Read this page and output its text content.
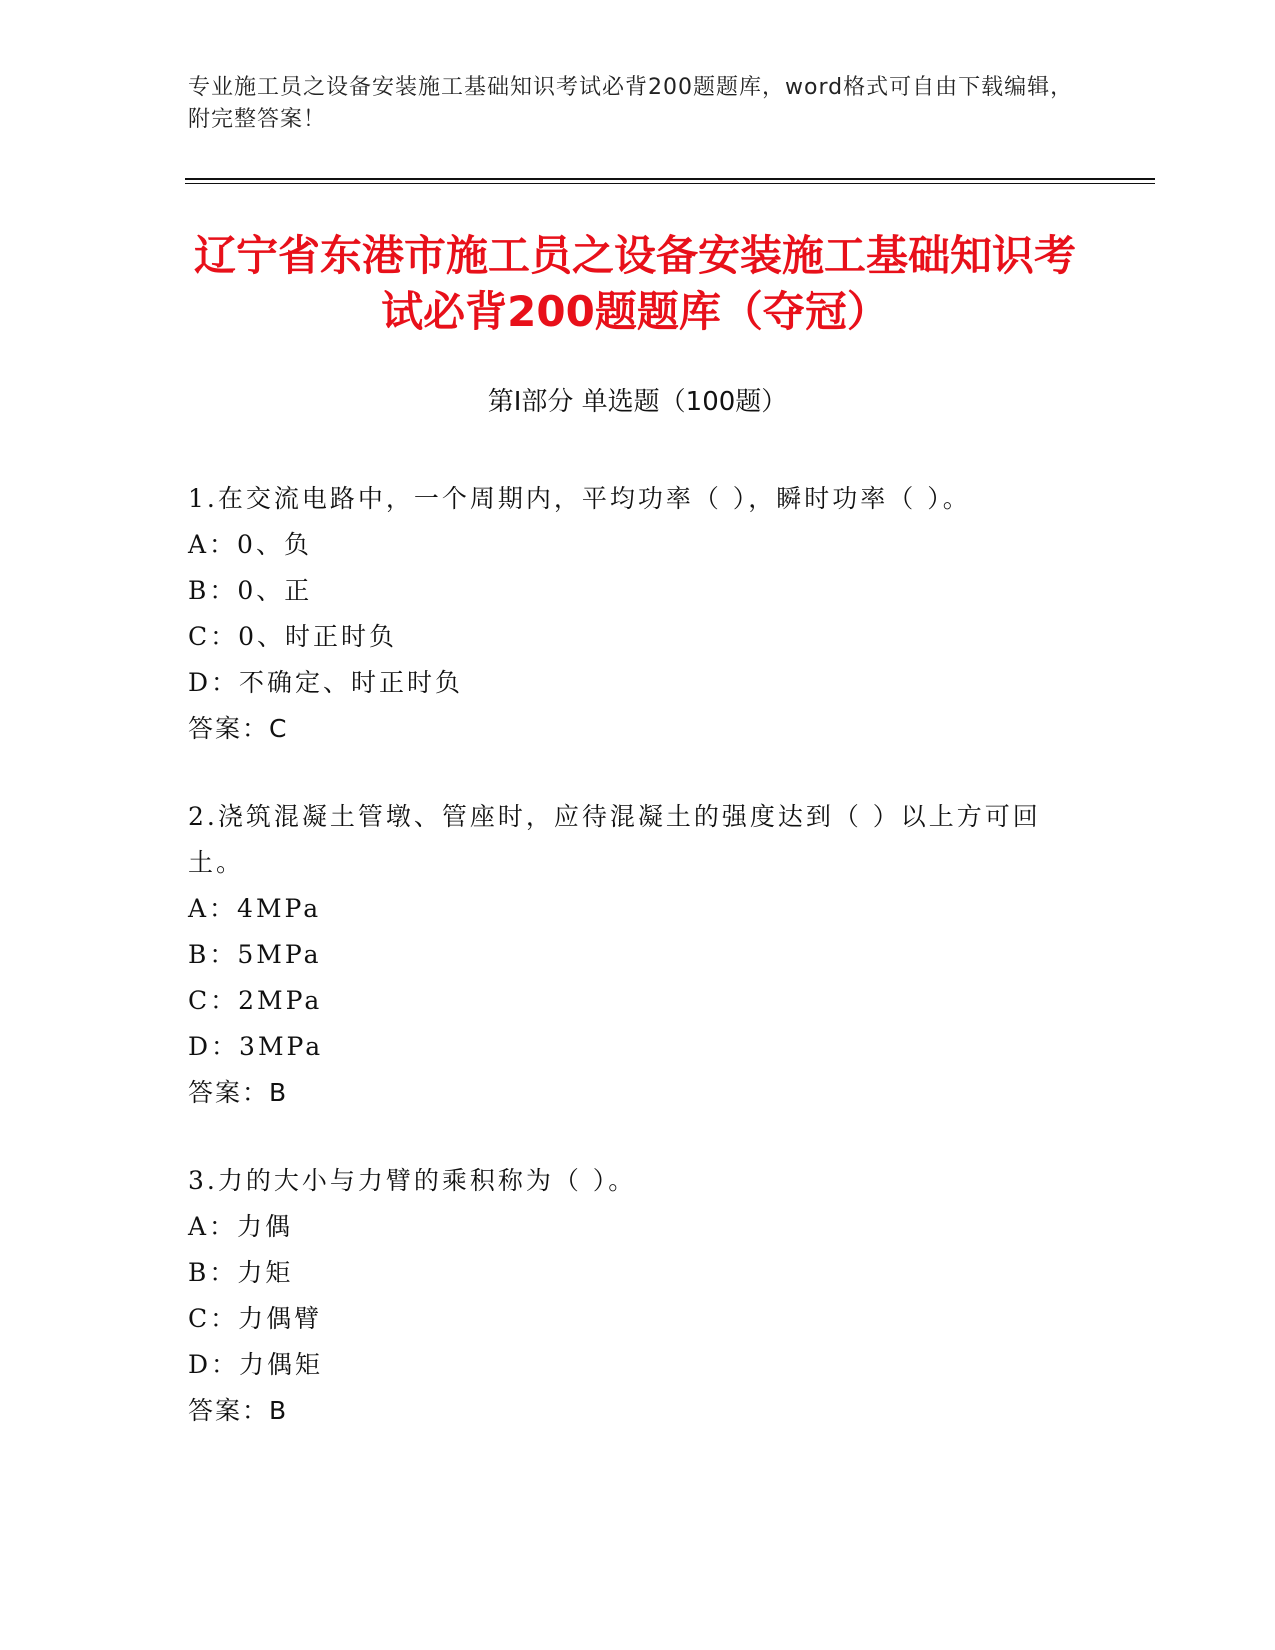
专业施工员之设备安装施工基础知识考试必背200题题库，word格式可自由下载编辑，附完整答案！
辽宁省东港市施工员之设备安装施工基础知识考试必背200题题库（夺冠）
第Ⅰ部分 单选题（100题）
1.在交流电路中，一个周期内，平均功率（ ），瞬时功率（ ）。
A：0、负
B：0、正
C：0、时正时负
D：不确定、时正时负
答案：C
2.浇筑混凝土管墩、管座时，应待混凝土的强度达到（ ）以上方可回土。
A：4MPa
B：5MPa
C：2MPa
D：3MPa
答案：B
3.力的大小与力臂的乘积称为（ ）。
A：力偶
B：力矩
C：力偶臂
D：力偶矩
答案：B
